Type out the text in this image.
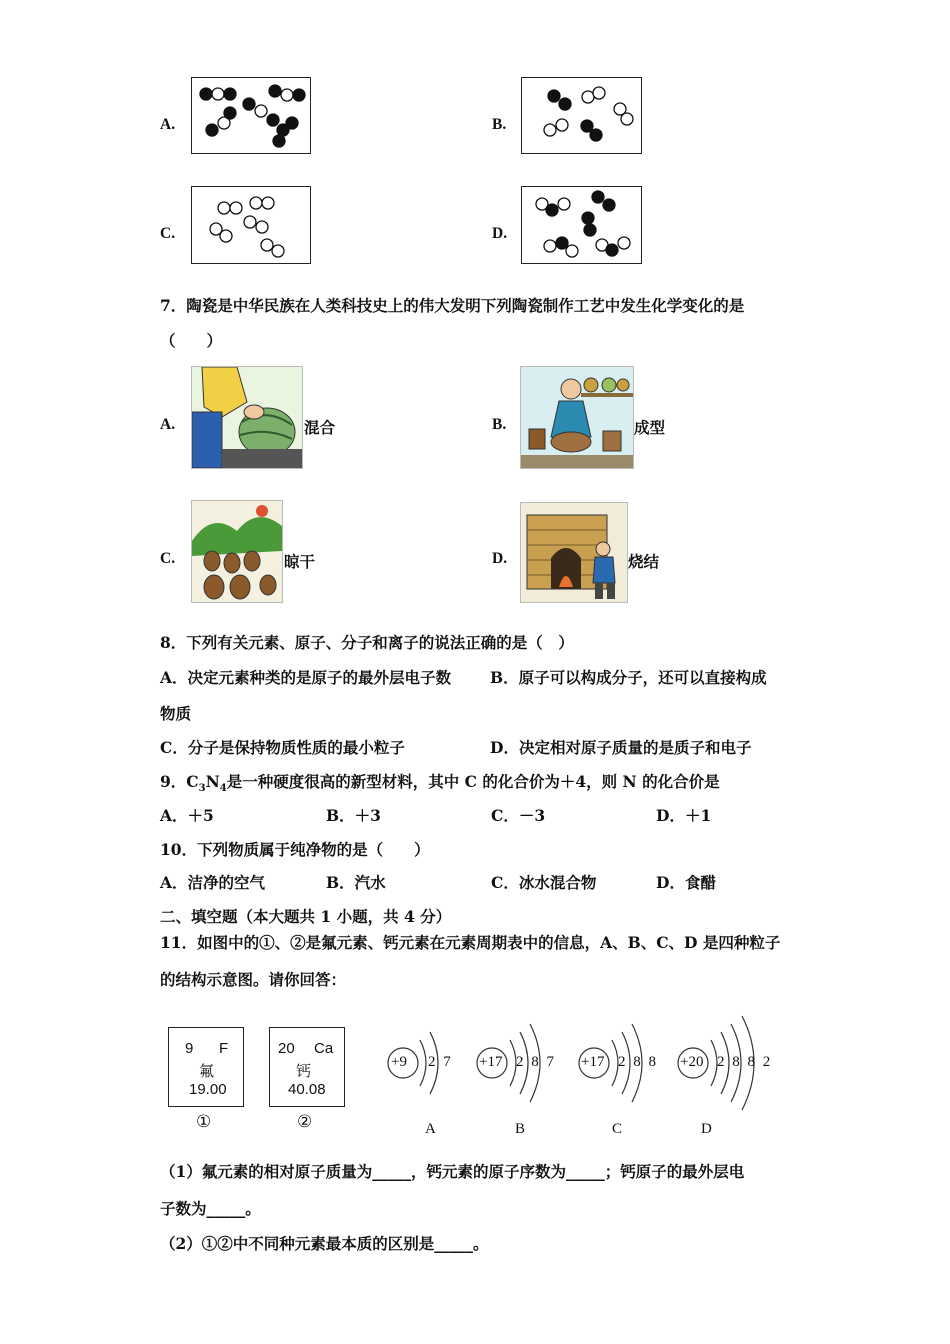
A.	B.
C.	D.
7．陶瓷是中华民族在人类科技史上的伟大发明下列陶瓷制作工艺中发生化学变化的是
（　　）
A.	混合	B.	成型
C.	晾干	D.	烧结
8．下列有关元素、原子、分子和离子的说法正确的是（　）
A．决定元素种类的是原子的最外层电子数	B．原子可以构成分子，还可以直接构成
物质
C．分子是保持物质性质的最小粒子	D．决定相对原子质量的是质子和电子
9．$C_3N_4$是一种硬度很高的新型材料，其中 C 的化合价为＋4，则 N 的化合价是
A．＋5	B．＋3	C．－3	D．＋1
10．下列物质属于纯净物的是（　　）
A．洁净的空气	B．汽水	C．冰水混合物	D．食醋
二、填空题（本大题共 1 小题，共 4 分）
11．如图中的①、②是氟元素、钙元素在元素周期表中的信息，A、B、C、D 是四种粒子
的结构示意图。请你回答：
9 F
氟
19.00
①
20 Ca
钙
40.08
②
+9 2 7 +17 2 8 7 +17 2 8 8 +20 2 8 8 2
A	B	C	D
（1）氟元素的相对原子质量为_____，钙元素的原子序数为_____；钙原子的最外层电
子数为_____。
（2）①②中不同种元素最本质的区别是_____。
